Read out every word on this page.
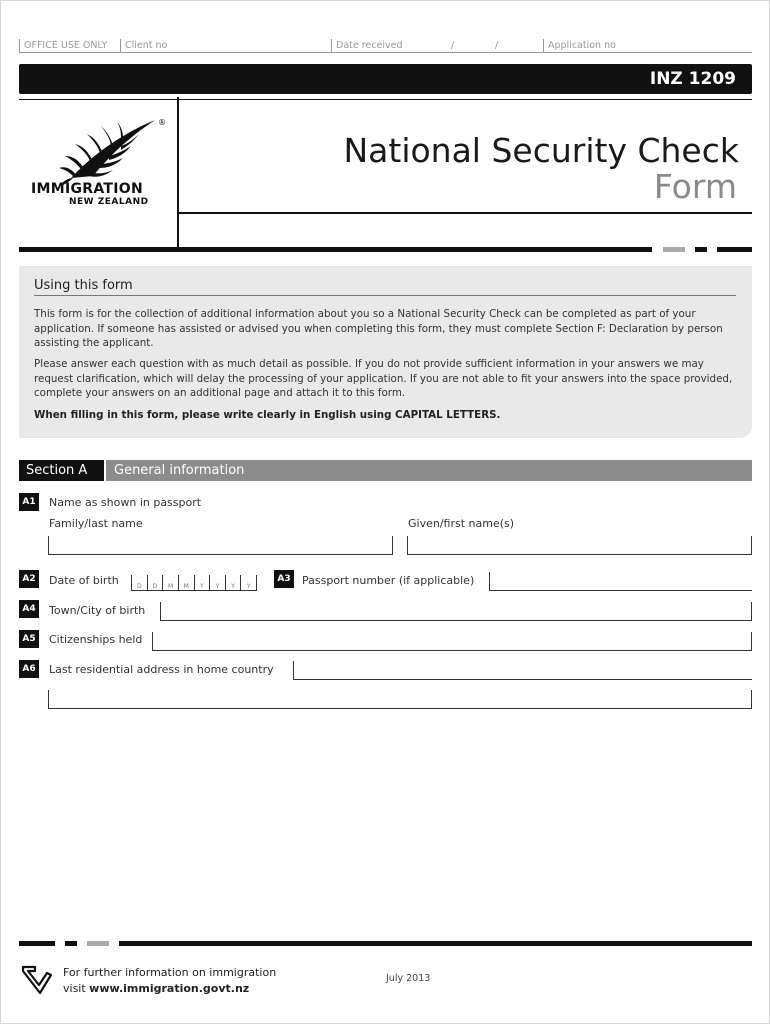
OFFICE USE ONLY	Client no	Date received	/	/	Application no
INZ 1209
®
IMMIGRATION
NEW ZEALAND
National Security Check
Form
Using this form
This form is for the collection of additional information about you so a National Security Check can be completed as part of your application. If someone has assisted or advised you when completing this form, they must complete Section F: Declaration by person assisting the applicant.
Please answer each question with as much detail as possible. If you do not provide sufficient information in your answers we may request clarification, which will delay the processing of your application. If you are not able to fit your answers into the space provided, complete your answers on an additional page and attach it to this form.
When filling in this form, please write clearly in English using CAPITAL LETTERS.
Section A	General information
A1	Name as shown in passport
Family/last name	Given/first name(s)
A2	Date of birth	D	D	M	M	Y	Y	Y	Y
A3	Passport number (if applicable)
A4	Town/City of birth
A5	Citizenships held
A6	Last residential address in home country
For further information on immigration
visit www.immigration.govt.nz
July 2013
